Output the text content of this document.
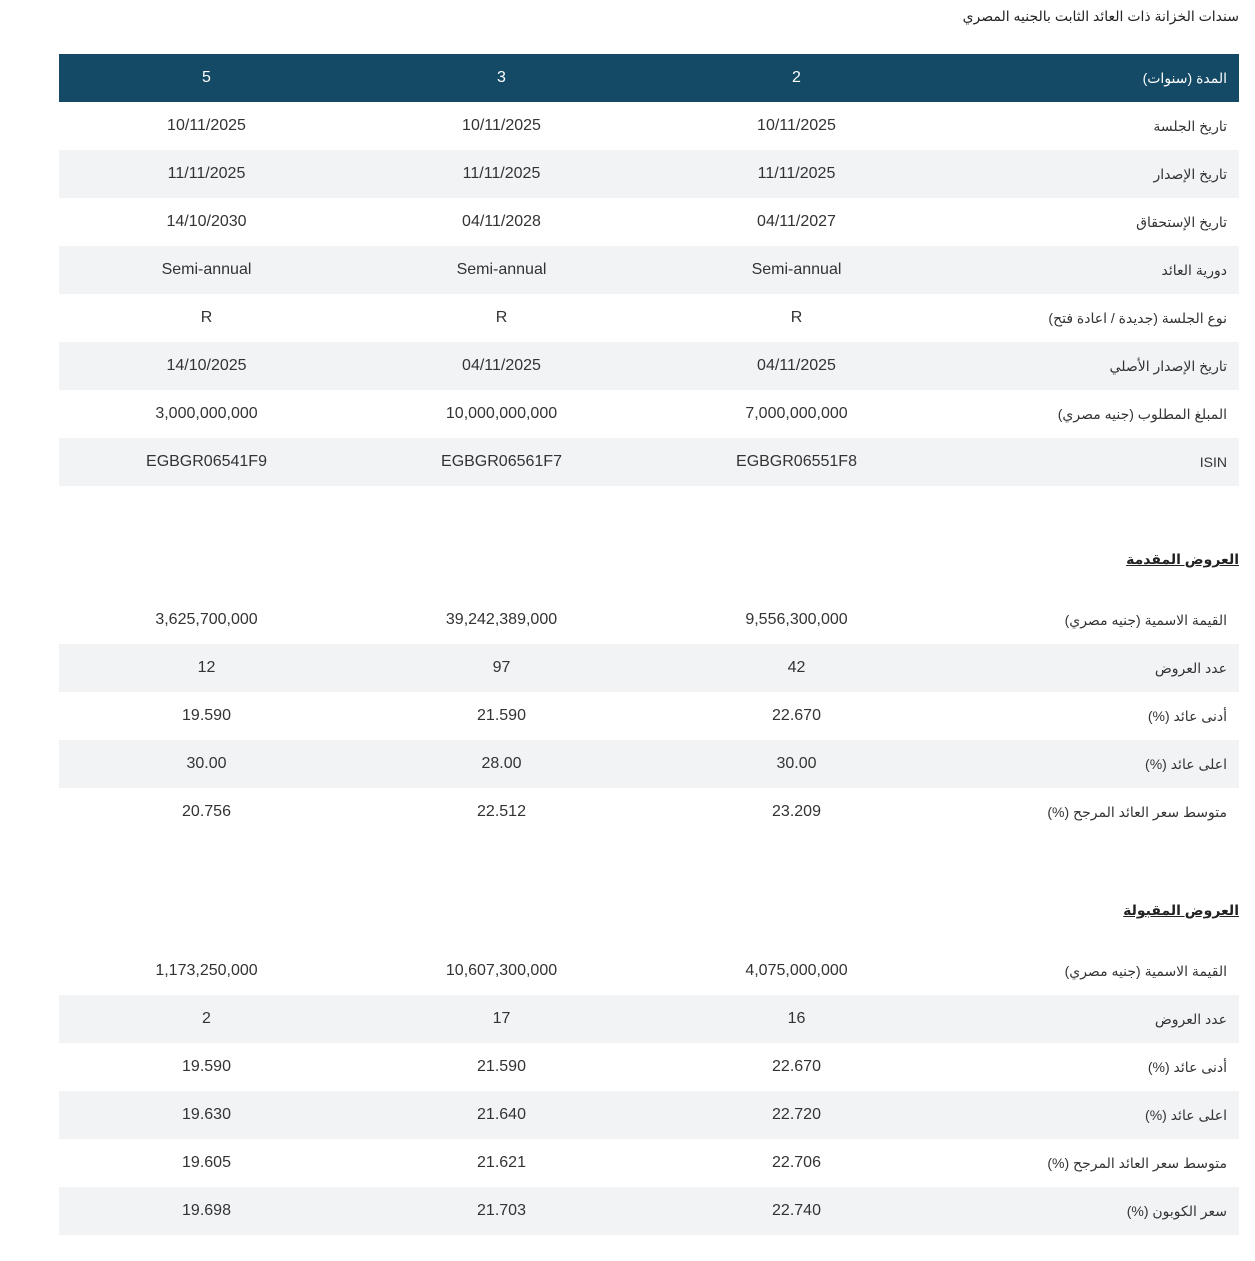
سندات الخزانة ذات العائد الثابت بالجنيه المصري
5	3	2	المدة (سنوات)
10/11/2025	10/11/2025	10/11/2025	تاريخ الجلسة
11/11/2025	11/11/2025	11/11/2025	تاريخ الإصدار
14/10/2030	04/11/2028	04/11/2027	تاريخ الإستحقاق
Semi-annual	Semi-annual	Semi-annual	دورية العائد
R	R	R	نوع الجلسة (جديدة / اعادة فتح)
14/10/2025	04/11/2025	04/11/2025	تاريخ الإصدار الأصلي
3,000,000,000	10,000,000,000	7,000,000,000	المبلغ المطلوب (جنيه مصري)
EGBGR06541F9	EGBGR06561F7	EGBGR06551F8	ISIN
العروض المقدمة
3,625,700,000	39,242,389,000	9,556,300,000	القيمة الاسمية (جنيه مصري)
12	97	42	عدد العروض
19.590	21.590	22.670	أدنى عائد (%)
30.00	28.00	30.00	اعلى عائد (%)
20.756	22.512	23.209	متوسط سعر العائد المرجح (%)
العروض المقبولة
1,173,250,000	10,607,300,000	4,075,000,000	القيمة الاسمية (جنيه مصري)
2	17	16	عدد العروض
19.590	21.590	22.670	أدنى عائد (%)
19.630	21.640	22.720	اعلى عائد (%)
19.605	21.621	22.706	متوسط سعر العائد المرجح (%)
19.698	21.703	22.740	سعر الكوبون (%)
